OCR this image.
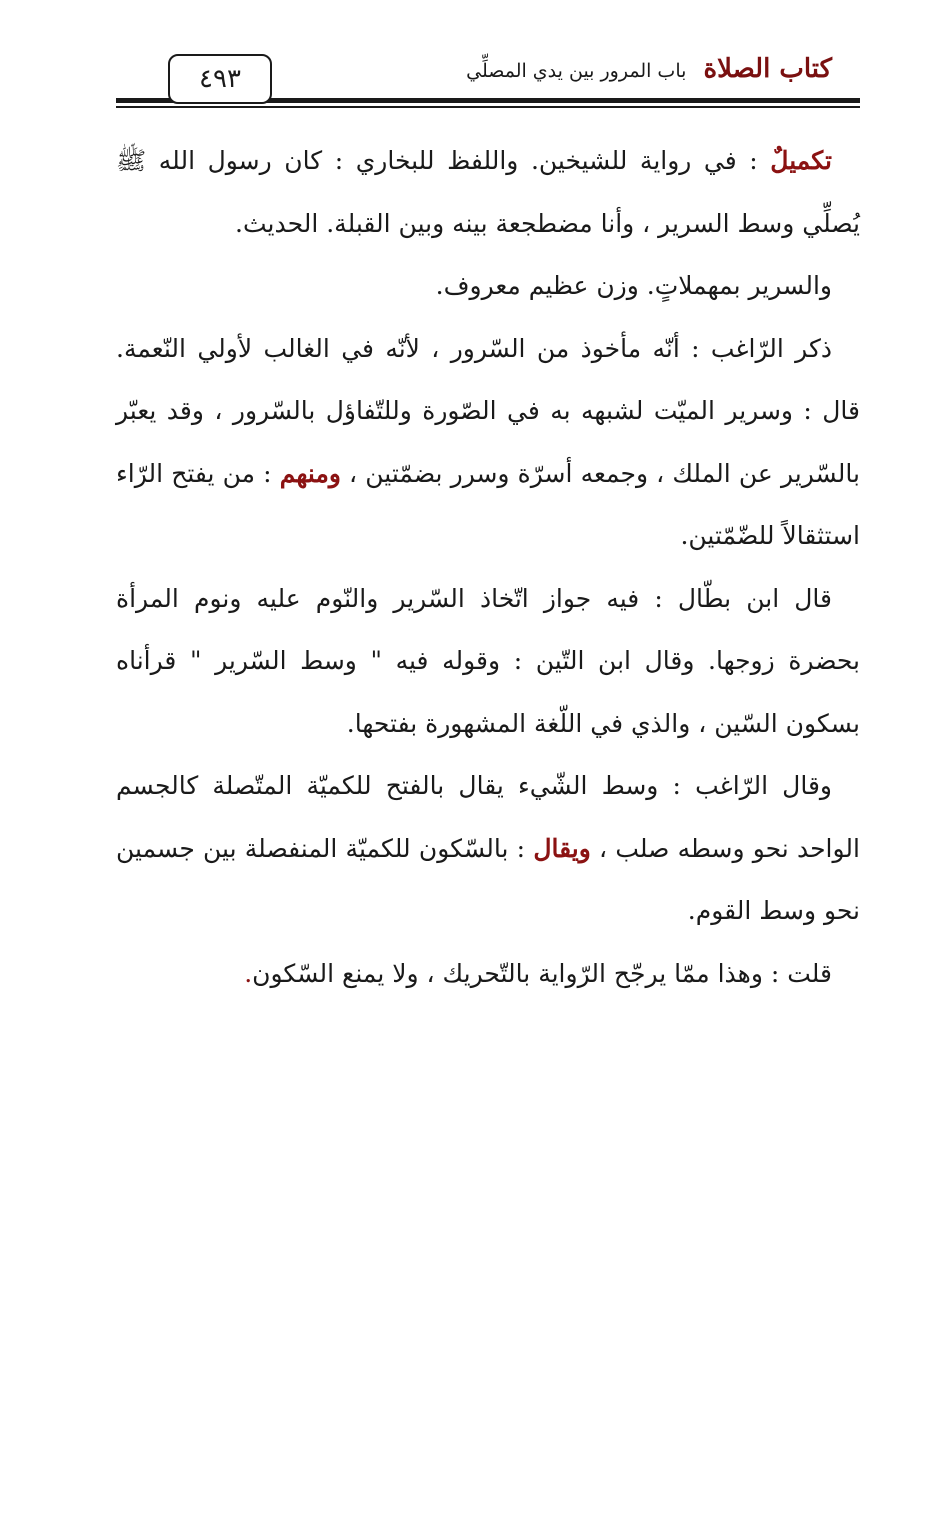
٤٩٣	كتاب الصلاة باب المرور بين يدي المصلِّي

تكميلٌ : في رواية للشيخين. واللفظ للبخاري : كان رسول الله ﷺ يُصلِّي وسط السرير ، وأنا مضطجعة بينه وبين القبلة. الحديث.

والسرير بمهملاتٍ. وزن عظيم معروف.

ذكر الرّاغب : أنّه مأخوذ من السّرور ، لأنّه في الغالب لأولي النّعمة. قال : وسرير الميّت لشبهه به في الصّورة وللتّفاؤل بالسّرور ، وقد يعبّر بالسّرير عن الملك ، وجمعه أسرّة وسرر بضمّتين ، ومنهم : من يفتح الرّاء استثقالاً للضّمّتين.

قال ابن بطّال : فيه جواز اتّخاذ السّرير والنّوم عليه ونوم المرأة بحضرة زوجها. وقال ابن التّين : وقوله فيه " وسط السّرير " قرأناه بسكون السّين ، والذي في اللّغة المشهورة بفتحها.

وقال الرّاغب : وسط الشّيء يقال بالفتح للكميّة المتّصلة كالجسم الواحد نحو وسطه صلب ، ويقال : بالسّكون للكميّة المنفصلة بين جسمين نحو وسط القوم.

قلت : وهذا ممّا يرجّح الرّواية بالتّحريك ، ولا يمنع السّكون.
